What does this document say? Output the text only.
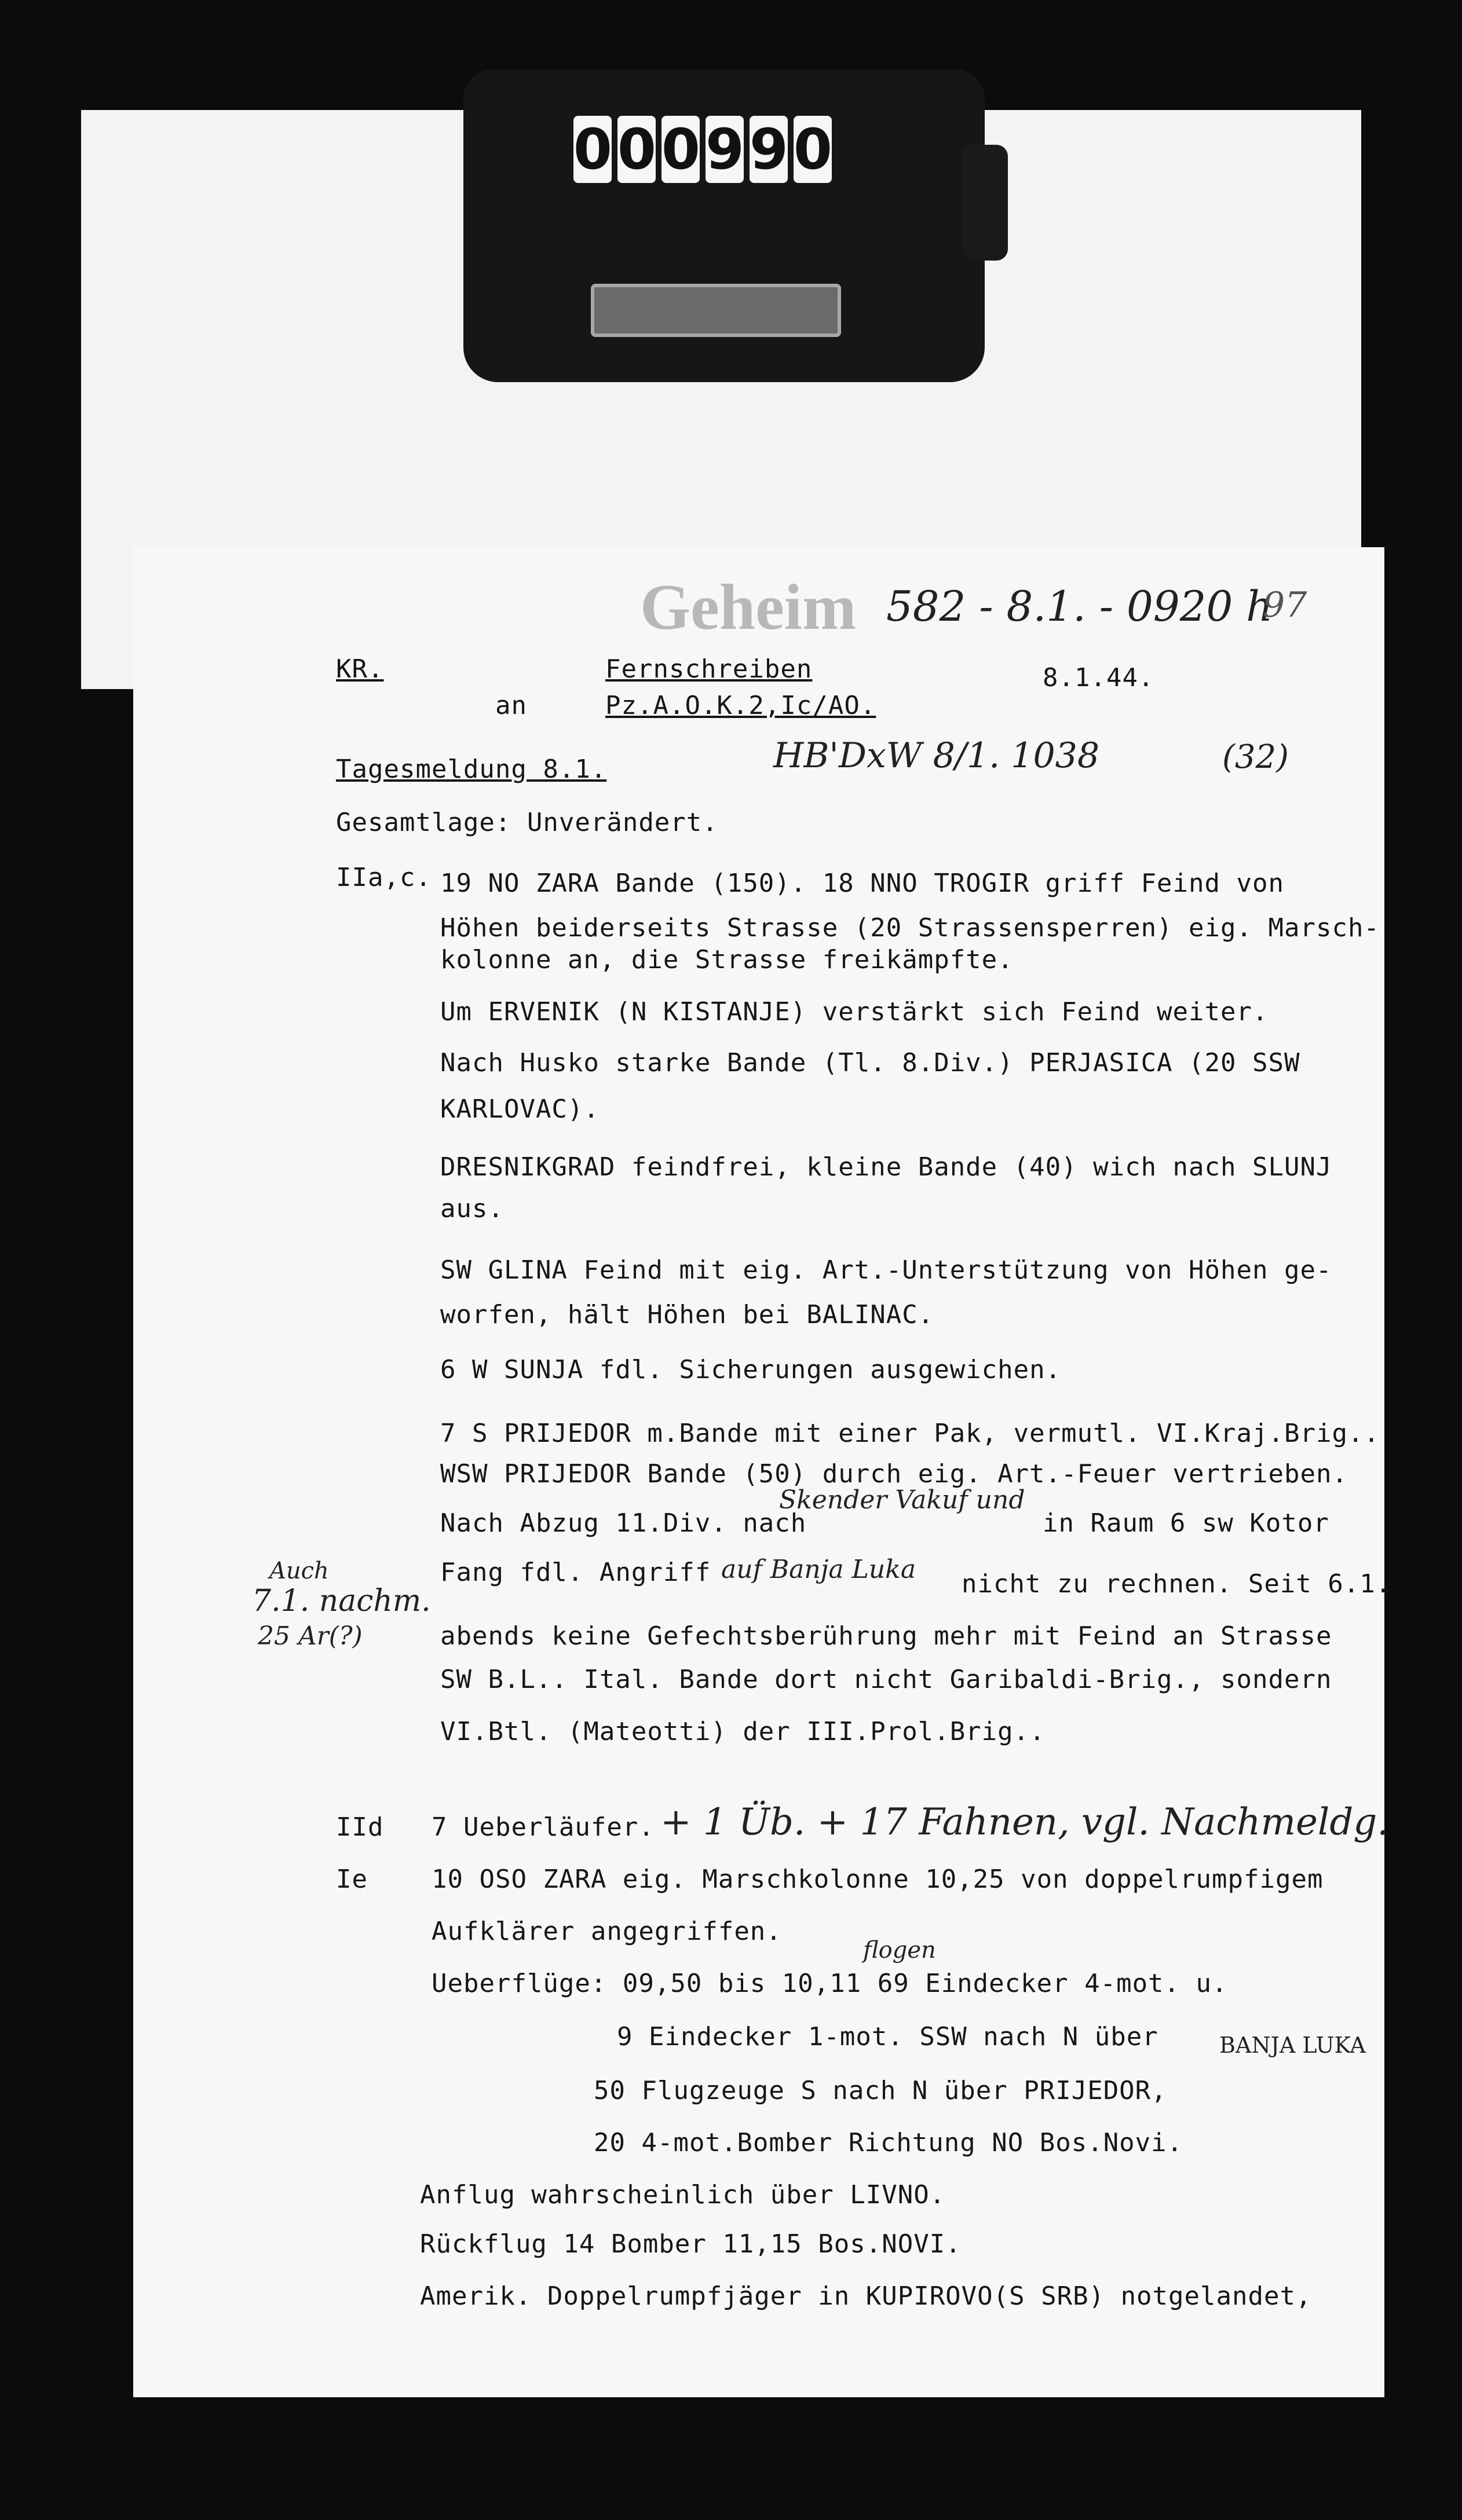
0 0 0 9 9 0
Geheim 582 - 8.1. - 0920 h
97
HB'DxW 8/1. 1038	(32)
Auch
7.1. nachm.
25 Ar(?)
Skender Vakuf und
auf Banja Luka
flogen
BANJA LUKA
+ 1 Üb. + 17 Fahnen, vgl. Nachmeldg.
KR.	Fernschreiben	8.1.44.
an	Pz.A.O.K.2,Ic/AO.
Tagesmeldung 8.1.
Gesamtlage: Unverändert.
IIa,c. 19 NO ZARA Bande (150). 18 NNO TROGIR griff Feind von
Höhen beiderseits Strasse (20 Strassensperren) eig. Marsch-
kolonne an, die Strasse freikämpfte.
Um ERVENIK (N KISTANJE) verstärkt sich Feind weiter.
Nach Husko starke Bande (Tl. 8.Div.) PERJASICA (20 SSW
KARLOVAC).
DRESNIKGRAD feindfrei, kleine Bande (40) wich nach SLUNJ
aus.
SW GLINA Feind mit eig. Art.-Unterstützung von Höhen ge-
worfen, hält Höhen bei BALINAC.
6 W SUNJA fdl. Sicherungen ausgewichen.
7 S PRIJEDOR m.Bande mit einer Pak, vermutl. VI.Kraj.Brig..
WSW PRIJEDOR Bande (50) durch eig. Art.-Feuer vertrieben.
Nach Abzug 11.Div. nach	in Raum 6 sw Kotor
Fang fdl. Angriff	nicht zu rechnen. Seit 6.1.
abends keine Gefechtsberührung mehr mit Feind an Strasse
SW B.L.. Ital. Bande dort nicht Garibaldi-Brig., sondern
VI.Btl. (Mateotti) der III.Prol.Brig..
IId 7 Ueberläufer.
Ie	10 OSO ZARA eig. Marschkolonne 10,25 von doppelrumpfigem
Aufklärer angegriffen.
Ueberflüge: 09,50 bis 10,11 69 Eindecker 4-mot. u.
9 Eindecker 1-mot. SSW nach N über
50 Flugzeuge S nach N über PRIJEDOR,
20 4-mot.Bomber Richtung NO Bos.Novi.
Anflug wahrscheinlich über LIVNO.
Rückflug 14 Bomber 11,15 Bos.NOVI.
Amerik. Doppelrumpfjäger in KUPIROVO(S SRB) notgelandet,
